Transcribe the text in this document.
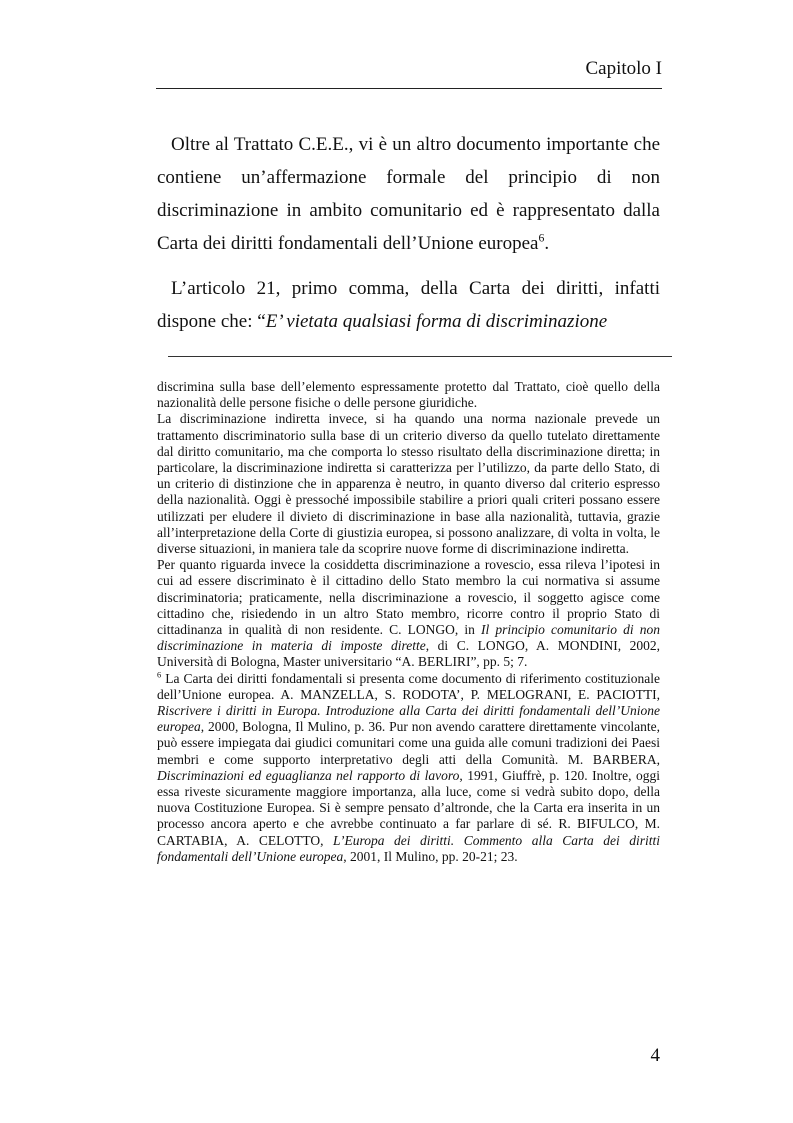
Capitolo I

Oltre al Trattato C.E.E., vi è un altro documento importante che contiene un’affermazione formale del principio di non discriminazione in ambito comunitario ed è rappresentato dalla Carta dei diritti fondamentali dell’Unione europea$^6$.

L’articolo 21, primo comma, della Carta dei diritti, infatti dispone che: “E’ vietata qualsiasi forma di discriminazione

discrimina sulla base dell’elemento espressamente protetto dal Trattato, cioè quello della nazionalità delle persone fisiche o delle persone giuridiche.

La discriminazione indiretta invece, si ha quando una norma nazionale prevede un trattamento discriminatorio sulla base di un criterio diverso da quello tutelato direttamente dal diritto comunitario, ma che comporta lo stesso risultato della discriminazione diretta; in particolare, la discriminazione indiretta si caratterizza per l’utilizzo, da parte dello Stato, di un criterio di distinzione che in apparenza è neutro, in quanto diverso dal criterio espresso della nazionalità. Oggi è pressoché impossibile stabilire a priori quali criteri possano essere utilizzati per eludere il divieto di discriminazione in base alla nazionalità, tuttavia, grazie all’interpretazione della Corte di giustizia europea, si possono analizzare, di volta in volta, le diverse situazioni, in maniera tale da scoprire nuove forme di discriminazione indiretta.

Per quanto riguarda invece la cosiddetta discriminazione a rovescio, essa rileva l’ipotesi in cui ad essere discriminato è il cittadino dello Stato membro la cui normativa si assume discriminatoria; praticamente, nella discriminazione a rovescio, il soggetto agisce come cittadino che, risiedendo in un altro Stato membro, ricorre contro il proprio Stato di cittadinanza in qualità di non residente. C. LONGO, in Il principio comunitario di non discriminazione in materia di imposte dirette, di C. LONGO, A. MONDINI, 2002, Università di Bologna, Master universitario “A. BERLIRI”, pp. 5; 7.

$^6$ La Carta dei diritti fondamentali si presenta come documento di riferimento costituzionale dell’Unione europea. A. MANZELLA, S. RODOTA’, P. MELOGRANI, E. PACIOTTI, Riscrivere i diritti in Europa. Introduzione alla Carta dei diritti fondamentali dell’Unione europea, 2000, Bologna, Il Mulino, p. 36. Pur non avendo carattere direttamente vincolante, può essere impiegata dai giudici comunitari come una guida alle comuni tradizioni dei Paesi membri e come supporto interpretativo degli atti della Comunità. M. BARBERA, Discriminazioni ed eguaglianza nel rapporto di lavoro, 1991, Giuffrè, p. 120. Inoltre, oggi essa riveste sicuramente maggiore importanza, alla luce, come si vedrà subito dopo, della nuova Costituzione Europea. Si è sempre pensato d’altronde, che la Carta era inserita in un processo ancora aperto e che avrebbe continuato a far parlare di sé. R. BIFULCO, M. CARTABIA, A. CELOTTO, L’Europa dei diritti. Commento alla Carta dei diritti fondamentali dell’Unione europea, 2001, Il Mulino, pp. 20-21; 23.

4
